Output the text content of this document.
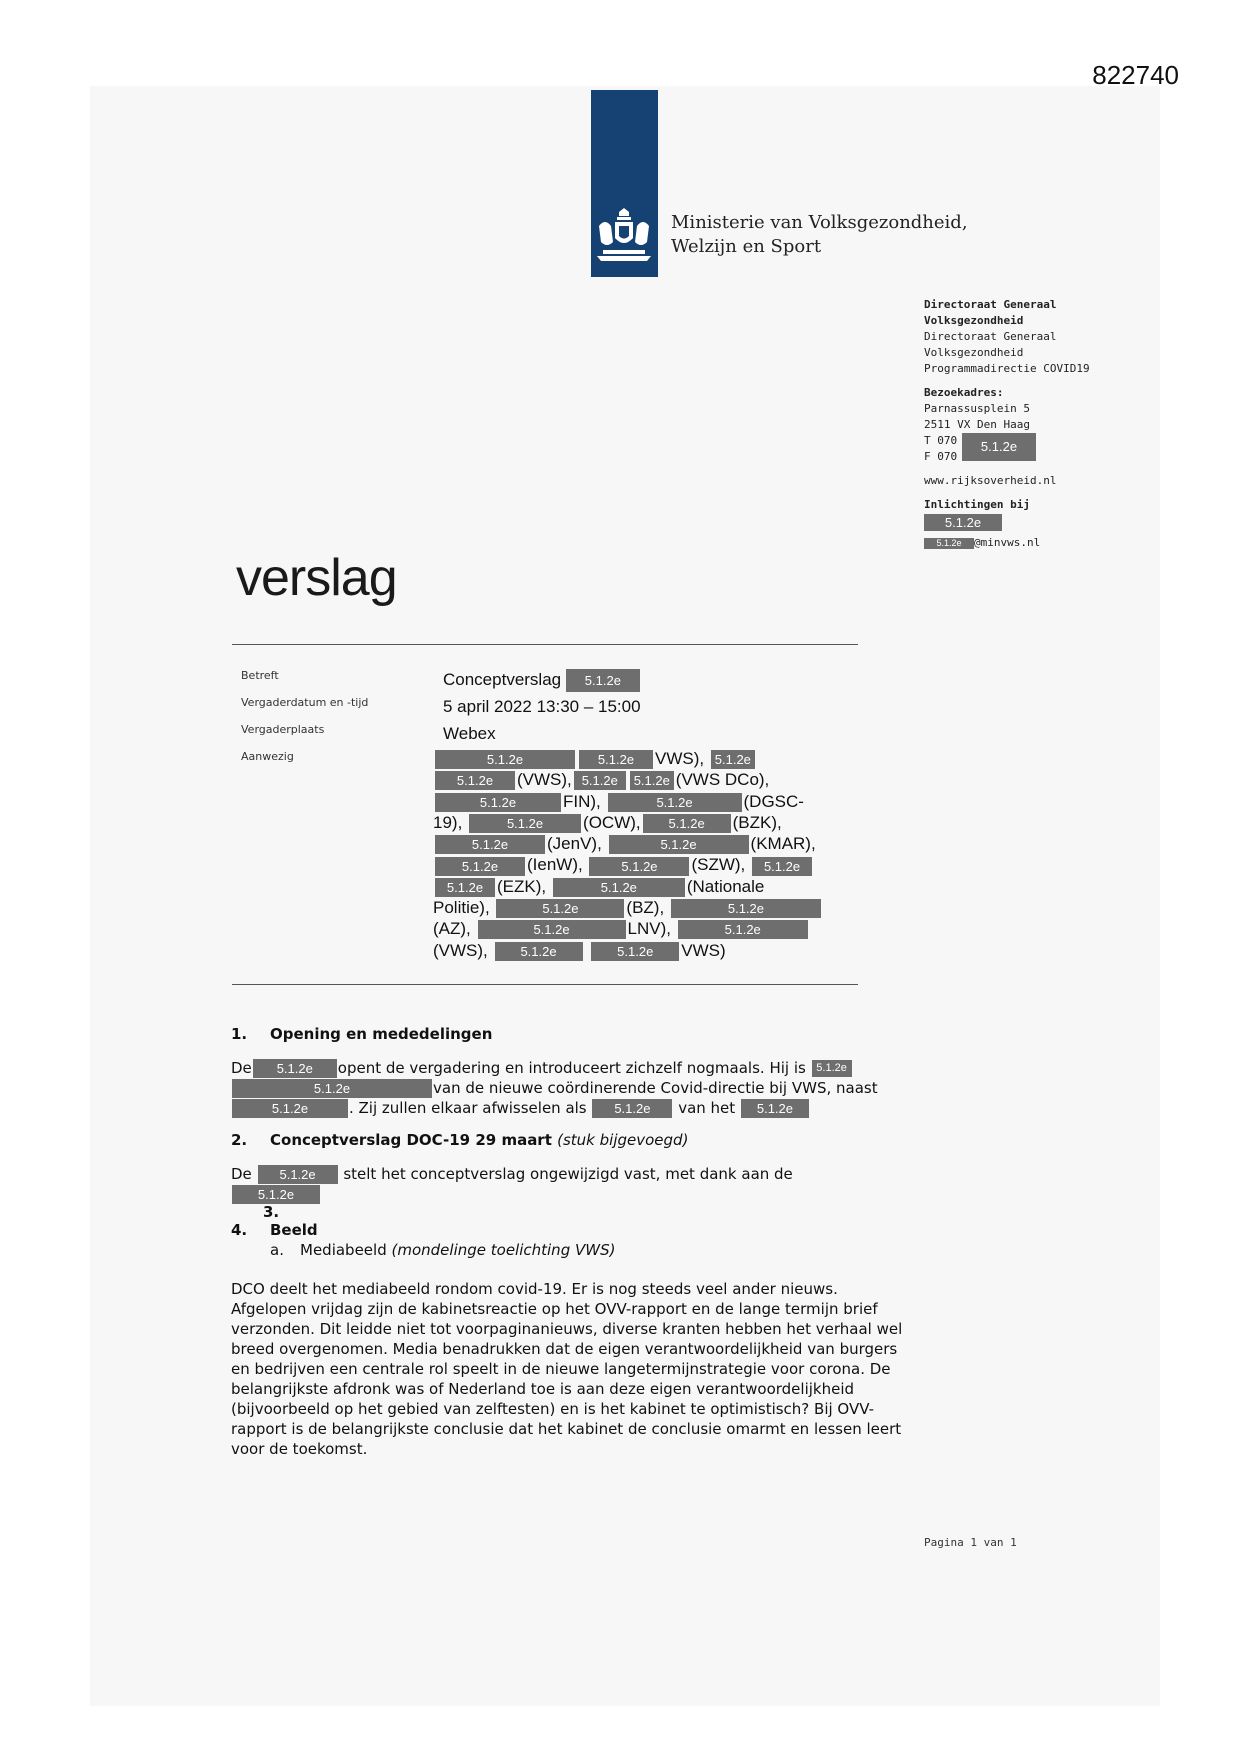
822740
Ministerie van Volksgezondheid,
Welzijn en Sport
Directoraat Generaal
Volksgezondheid
Directoraat Generaal
Volksgezondheid
Programmadirectie COVID19
Bezoekadres:
Parnassusplein 5
2511 VX Den Haag
T 070
F 070
5.1.2e
www.rijksoverheid.nl
Inlichtingen bij
5.1.2e
5.1.2e @minvws.nl
verslag
Betreft	Conceptverslag 5.1.2e
Vergaderdatum en -tijd	5 april 2022 13:30 – 15:00
Vergaderplaats	Webex
Aanwezig	5.1.2e	5.1.2e VWS), 5.1.2e
5.1.2e (VWS), 5.1.2e 5.1.2e (VWS DCo),
5.1.2e	FIN),	5.1.2e	(DGSC-
19),	5.1.2e (OCW), 5.1.2e (BZK),
5.1.2e (JenV),	5.1.2e	(KMAR),
5.1.2e (IenW),	5.1.2e (SZW), 5.1.2e
5.1.2e (EZK),	5.1.2e	(Nationale
Politie),	5.1.2e	(BZ),	5.1.2e
(AZ),	5.1.2e	LNV),	5.1.2e
(VWS),	5.1.2e	5.1.2e VWS)
1. Opening en mededelingen

De 5.1.2e opent de vergadering en introduceert zichzelf nogmaals. Hij is 5.1.2e 5.1.2e	van de nieuwe coördinerende Covid-directie bij VWS, naast 5.1.2e	. Zij zullen elkaar afwisselen als 5.1.2e van het 5.1.2e

2. Conceptverslag DOC-19 29 maart (stuk bijgevoegd)

De 5.1.2e stelt het conceptverslag ongewijzigd vast, met dank aan de
5.1.2e

3.
4. Beeld

a. Mediabeeld (mondelinge toelichting VWS)

DCO deelt het mediabeeld rondom covid-19. Er is nog steeds veel ander nieuws. Afgelopen vrijdag zijn de kabinetsreactie op het OVV-rapport en de lange termijn brief verzonden. Dit leidde niet tot voorpaginanieuws, diverse kranten hebben het verhaal wel breed overgenomen. Media benadrukken dat de eigen verantwoordelijkheid van burgers en bedrijven een centrale rol speelt in de nieuwe langetermijnstrategie voor corona. De belangrijkste afdronk was of Nederland toe is aan deze eigen verantwoordelijkheid (bijvoorbeeld op het gebied van zelftesten) en is het kabinet te optimistisch? Bij OVV-rapport is de belangrijkste conclusie dat het kabinet de conclusie omarmt en lessen leert voor de toekomst.

Pagina 1 van 1
